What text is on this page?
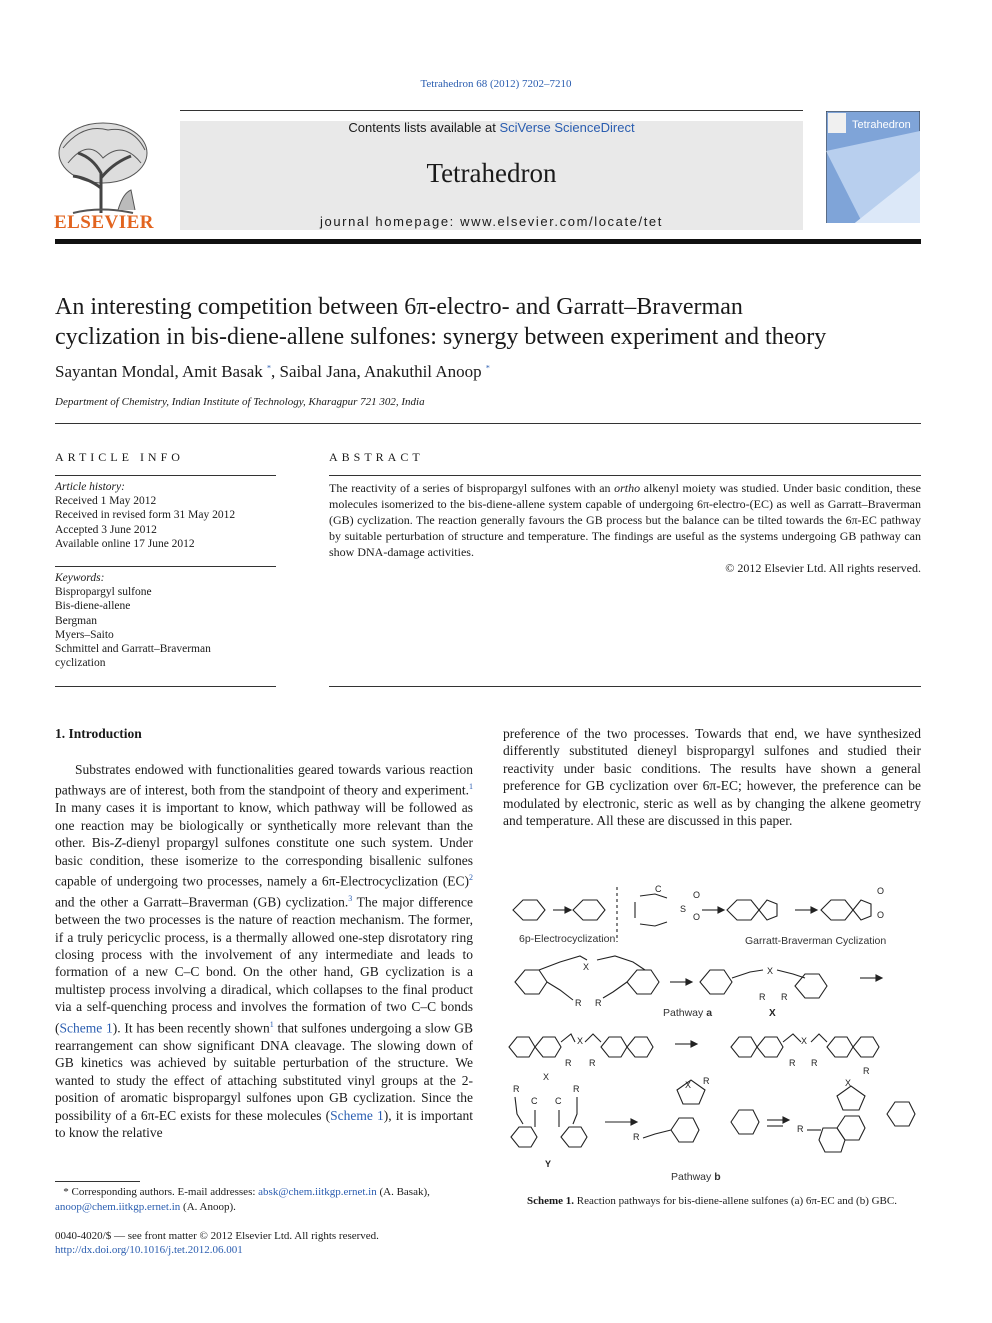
Tetrahedron 68 (2012) 7202–7210
ELSEVIER
Contents lists available at SciVerse ScienceDirect
Tetrahedron
journal homepage: www.elsevier.com/locate/tet
Tetrahedron
An interesting competition between 6π-electro- and Garratt–Braverman
cyclization in bis-diene-allene sulfones: synergy between experiment and theory
Sayantan Mondal, Amit Basak *, Saibal Jana, Anakuthil Anoop *
Department of Chemistry, Indian Institute of Technology, Kharagpur 721 302, India
ARTICLE INFO
Article history:
Received 1 May 2012
Received in revised form 31 May 2012
Accepted 3 June 2012
Available online 17 June 2012
Keywords:
Bispropargyl sulfone
Bis-diene-allene
Bergman
Myers–Saito
Schmittel and Garratt–Braverman
cyclization
ABSTRACT
The reactivity of a series of bispropargyl sulfones with an ortho alkenyl moiety was studied. Under basic condition, these molecules isomerized to the bis-diene-allene system capable of undergoing 6π-electro-(EC) as well as Garratt–Braverman (GB) cyclization. The reaction generally favours the GB process but the balance can be tilted towards the 6π-EC pathway by suitable perturbation of structure and temperature. The findings are useful as the systems undergoing GB pathway can show DNA-damage activities.
© 2012 Elsevier Ltd. All rights reserved.
1. Introduction

Substrates endowed with functionalities geared towards various reaction pathways are of interest, both from the standpoint of theory and experiment.$^1$ In many cases it is important to know, which pathway will be followed as one reaction may be biologically or synthetically more relevant than the other. Bis-Z-dienyl propargyl sulfones constitute one such system. Under basic condition, these isomerize to the corresponding bisallenic sulfones capable of undergoing two processes, namely a 6π-Electrocyclization (EC)$^2$ and the other a Garratt–Braverman (GB) cyclization.$^3$ The major difference between the two processes is the nature of reaction mechanism. The former, if a truly pericyclic process, is a thermally allowed one-step disrotatory ring closing process with the involvement of any intermediate and leads to formation of a new C–C bond. On the other hand, GB cyclization is a multistep process involving a diradical, which collapses to the final product via a self-quenching process and involves the formation of two C–C bonds (Scheme 1). It has been recently shown$^1$ that sulfones undergoing a slow GB rearrangement can show significant DNA cleavage. The slowing down of GB kinetics was achieved by suitable perturbation of the structure. We wanted to study the effect of attaching substituted vinyl groups at the 2-position of aromatic bispropargyl sulfones upon GB cyclization. Since the possibility of a 6π-EC exists for these molecules (Scheme 1), it is important to know the relative

preference of the two processes. Towards that end, we have synthesized differently substituted dieneyl bispropargyl sulfones and studied their reactivity under basic conditions. The results have shown a general preference for GB cyclization over 6π-EC; however, the preference can be modulated by electronic, steric as well as by changing the alkene geometry and temperature. All these are discussed in this paper.

C
S
O
O
O
O
6p-Electrocyclization	Garratt-Braverman Cyclization
X
R R
X
R R
Pathway a	X
X
R R
X
R R
R	R
X
C C
Y
X R
R
X
R
R
Pathway b
Scheme 1. Reaction pathways for bis-diene-allene sulfones (a) 6π-EC and (b) GBC.
* Corresponding authors. E-mail addresses: absk@chem.iitkgp.ernet.in (A. Basak), anoop@chem.iitkgp.ernet.in (A. Anoop).
0040-4020/$ — see front matter © 2012 Elsevier Ltd. All rights reserved.
http://dx.doi.org/10.1016/j.tet.2012.06.001
